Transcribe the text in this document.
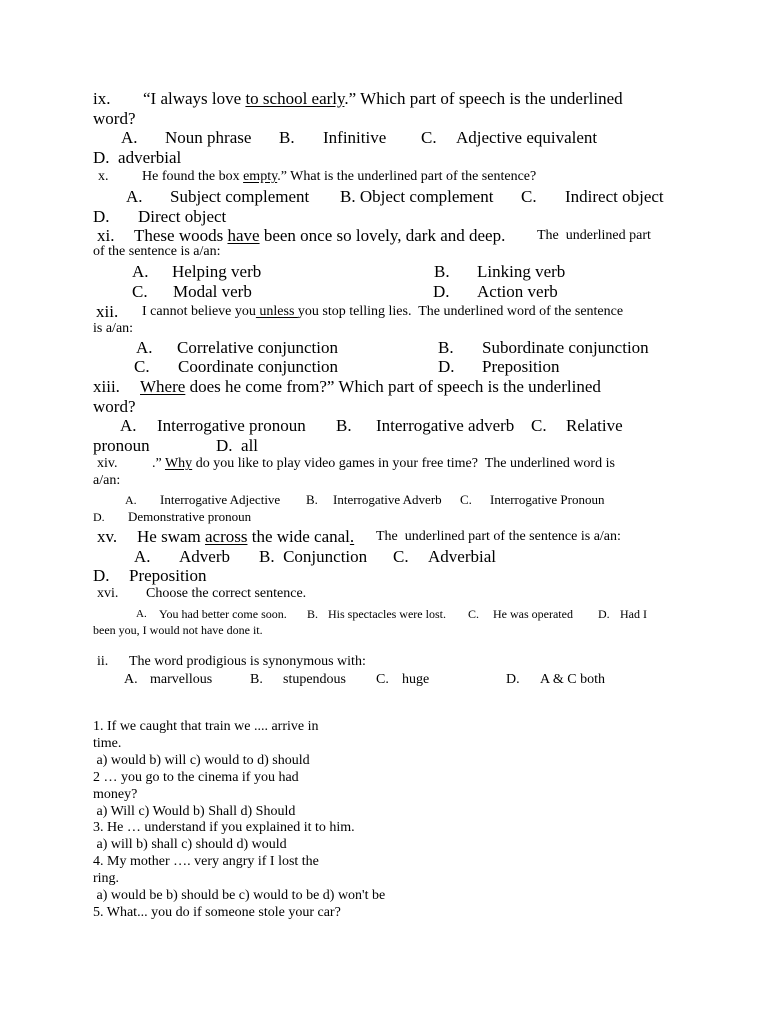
ix. “I always love to school early.” Which part of speech is the underlined
word?
A. Noun phrase B. Infinitive C. Adjective equivalent
D.  adverbial
x. He found the box empty.” What is the underlined part of the sentence?
A. Subject complement B. Object complement C. Indirect object
D. Direct object
xi. These woods have been once so lovely, dark and deep. The  underlined part
of the sentence is a/an:
A. Helping verb	B. Linking verb
C. Modal verb	D. Action verb
xii. I cannot believe you unless you stop telling lies.  The underlined word of the sentence
is a/an:
A. Correlative conjunction	B. Subordinate conjunction
C. Coordinate conjunction	D. Preposition
xiii. Where does he come from?” Which part of speech is the underlined
word?
A. Interrogative pronoun B. Interrogative adverb C. Relative
pronoun	D.  all
xiv. .” Why do you like to play video games in your free time?  The underlined word is
a/an:
A. Interrogative Adjective B. Interrogative Adverb C. Interrogative Pronoun
D. Demonstrative pronoun
xv. He swam across the wide canal. The  underlined part of the sentence is a/an:
A. Adverb B.  Conjunction C. Adverbial
D. Preposition
xvi. Choose the correct sentence.
A. You had better come soon. B. His spectacles were lost. C. He was operated D. Had I
been you, I would not have done it.
ii. The word prodigious is synonymous with:
A. marvellous	B. stupendous C. huge	D. A & C both
1. If we caught that train we .... arrive in
time.
a) would b) will c) would to d) should
2 … you go to the cinema if you had
money?
a) Will c) Would b) Shall d) Should
3. He … understand if you explained it to him.
a) will b) shall c) should d) would
4. My mother …. very angry if I lost the
ring.
a) would be b) should be c) would to be d) won't be
5. What... you do if someone stole your car?
